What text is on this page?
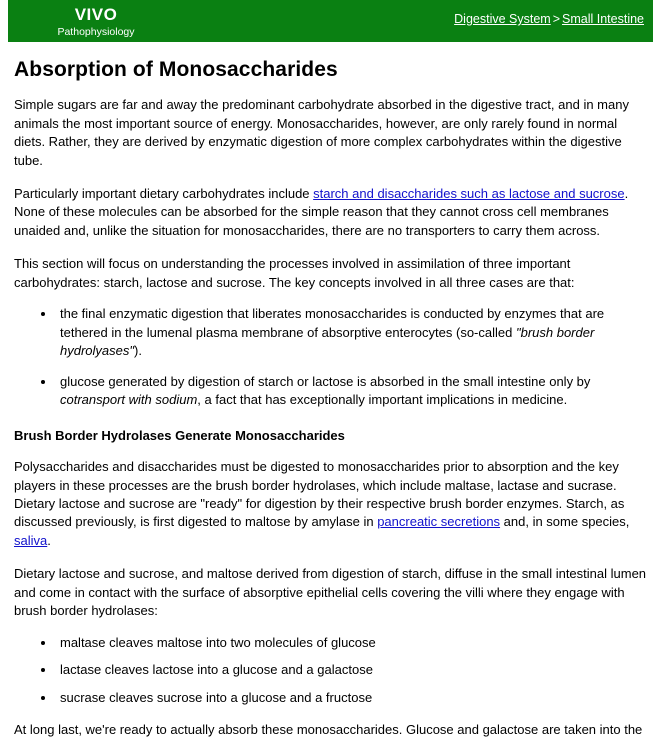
VIVO
Pathophysiology
Digestive System > Small Intestine
Absorption of Monosaccharides

Simple sugars are far and away the predominant carbohydrate absorbed in the digestive tract, and in many animals the most important source of energy. Monosaccharides, however, are only rarely found in normal diets. Rather, they are derived by enzymatic digestion of more complex carbohydrates within the digestive tube.

Particularly important dietary carbohydrates include starch and disaccharides such as lactose and sucrose. None of these molecules can be absorbed for the simple reason that they cannot cross cell membranes unaided and, unlike the situation for monosaccharides, there are no transporters to carry them across.

This section will focus on understanding the processes involved in assimilation of three important carbohydrates: starch, lactose and sucrose. The key concepts involved in all three cases are that:

• the final enzymatic digestion that liberates monosaccharides is conducted by enzymes that are tethered in the lumenal plasma membrane of absorptive enterocytes (so-called "brush border hydrolyases").
• glucose generated by digestion of starch or lactose is absorbed in the small intestine only by cotransport with sodium, a fact that has exceptionally important implications in medicine.
Brush Border Hydrolases Generate Monosaccharides

Polysaccharides and disaccharides must be digested to monosaccharides prior to absorption and the key players in these processes are the brush border hydrolases, which include maltase, lactase and sucrase. Dietary lactose and sucrose are "ready" for digestion by their respective brush border enzymes. Starch, as discussed previously, is first digested to maltose by amylase in pancreatic secretions and, in some species, saliva.

Dietary lactose and sucrose, and maltose derived from digestion of starch, diffuse in the small intestinal lumen and come in contact with the surface of absorptive epithelial cells covering the villi where they engage with brush border hydrolases:

• maltase cleaves maltose into two molecules of glucose
• lactase cleaves lactose into a glucose and a galactose
• sucrase cleaves sucrose into a glucose and a fructose

At long last, we're ready to actually absorb these monosaccharides. Glucose and galactose are taken into the
